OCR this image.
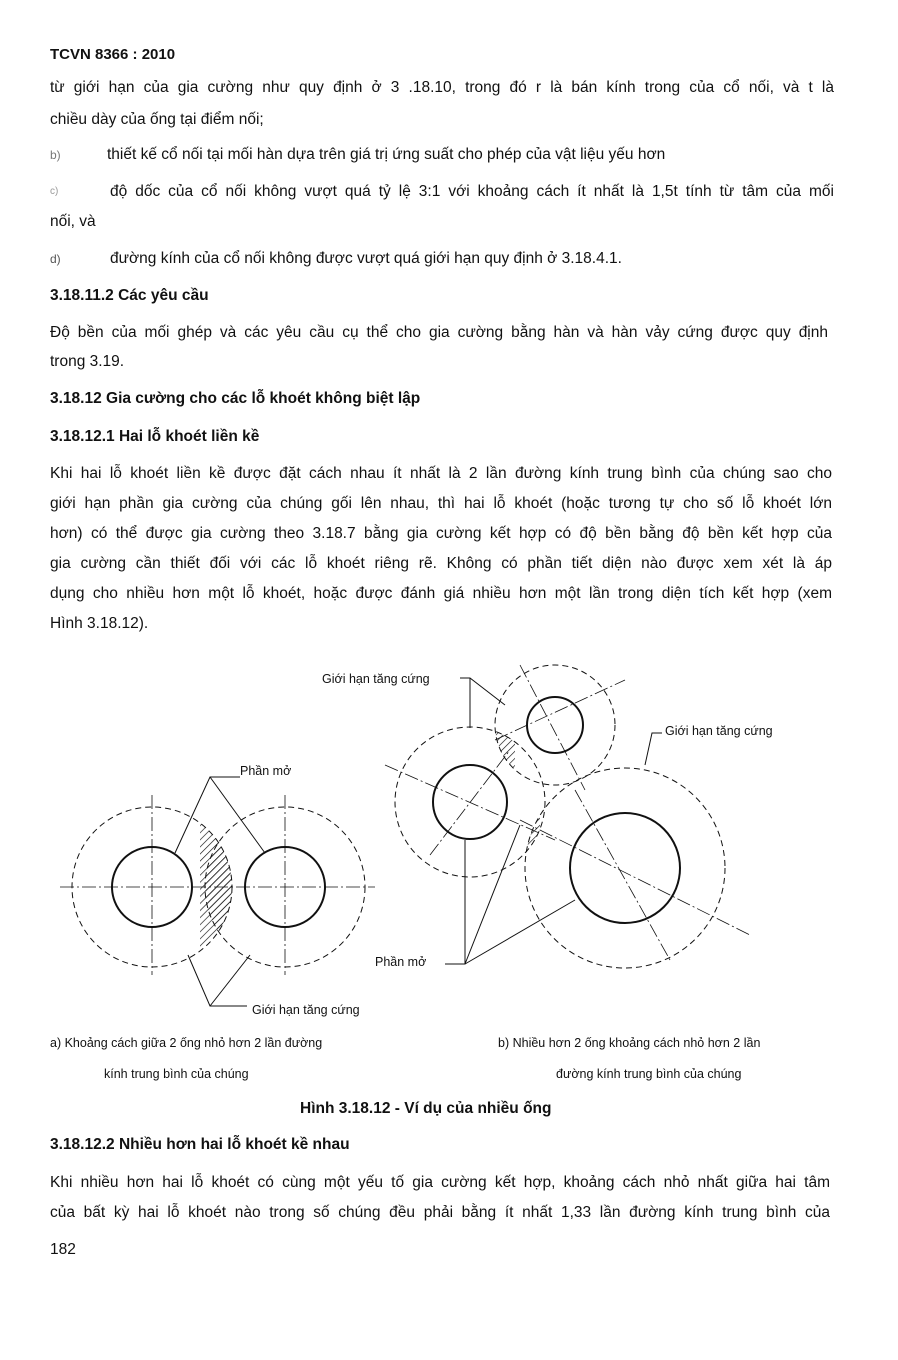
TCVN 8366 : 2010
từ giới hạn của gia cường như quy định ở 3 .18.10, trong đó r là bán kính trong của cổ nối, và t là
chiều dày của ống tại điểm nối;
b)	thiết kế cổ nối tại mối hàn dựa trên giá trị ứng suất cho phép của vật liệu yếu hơn
c)	độ dốc của cổ nối không vượt quá tỷ lệ 3:1 với khoảng cách ít nhất là 1,5t tính từ tâm của mối
nối, và
d)	đường kính của cổ nối không được vượt quá giới hạn quy định ở 3.18.4.1.
3.18.11.2 Các yêu cầu
Độ bền của mối ghép và các yêu cầu cụ thể cho gia cường bằng hàn và hàn vảy cứng được quy định
trong 3.19.
3.18.12 Gia cường cho các lỗ khoét không biệt lập
3.18.12.1 Hai lỗ khoét liền kề
Khi hai lỗ khoét liền kề được đặt cách nhau ít nhất là 2 lần đường kính trung bình của chúng sao cho
giới hạn phần gia cường của chúng gối lên nhau, thì hai lỗ khoét (hoặc tương tự cho số lỗ khoét lớn
hơn) có thể được gia cường theo 3.18.7 bằng gia cường kết hợp có độ bền bằng độ bền kết hợp của
gia cường cần thiết đối với các lỗ khoét riêng rẽ. Không có phần tiết diện nào được xem xét là áp
dụng cho nhiều hơn một lỗ khoét, hoặc được đánh giá nhiều hơn một lần trong diện tích kết hợp (xem
Hình 3.18.12).
Phần mở
Giới hạn tăng cứng
Giới hạn tăng cứng
Giới hạn tăng cứng
Phần mở
a) Khoảng cách giữa 2 ống nhỏ hơn 2 lần đường
kính trung bình của chúng
b) Nhiều hơn 2 ống khoảng cách nhỏ hơn 2 lần
đường kính trung bình của chúng
Hình 3.18.12 - Ví dụ của nhiều ống
3.18.12.2 Nhiều hơn hai lỗ khoét kề nhau
Khi nhiều hơn hai lỗ khoét có cùng một yếu tố gia cường kết hợp, khoảng cách nhỏ nhất giữa hai tâm
của bất kỳ hai lỗ khoét nào trong số chúng đều phải bằng ít nhất 1,33 lần đường kính trung bình của
182
